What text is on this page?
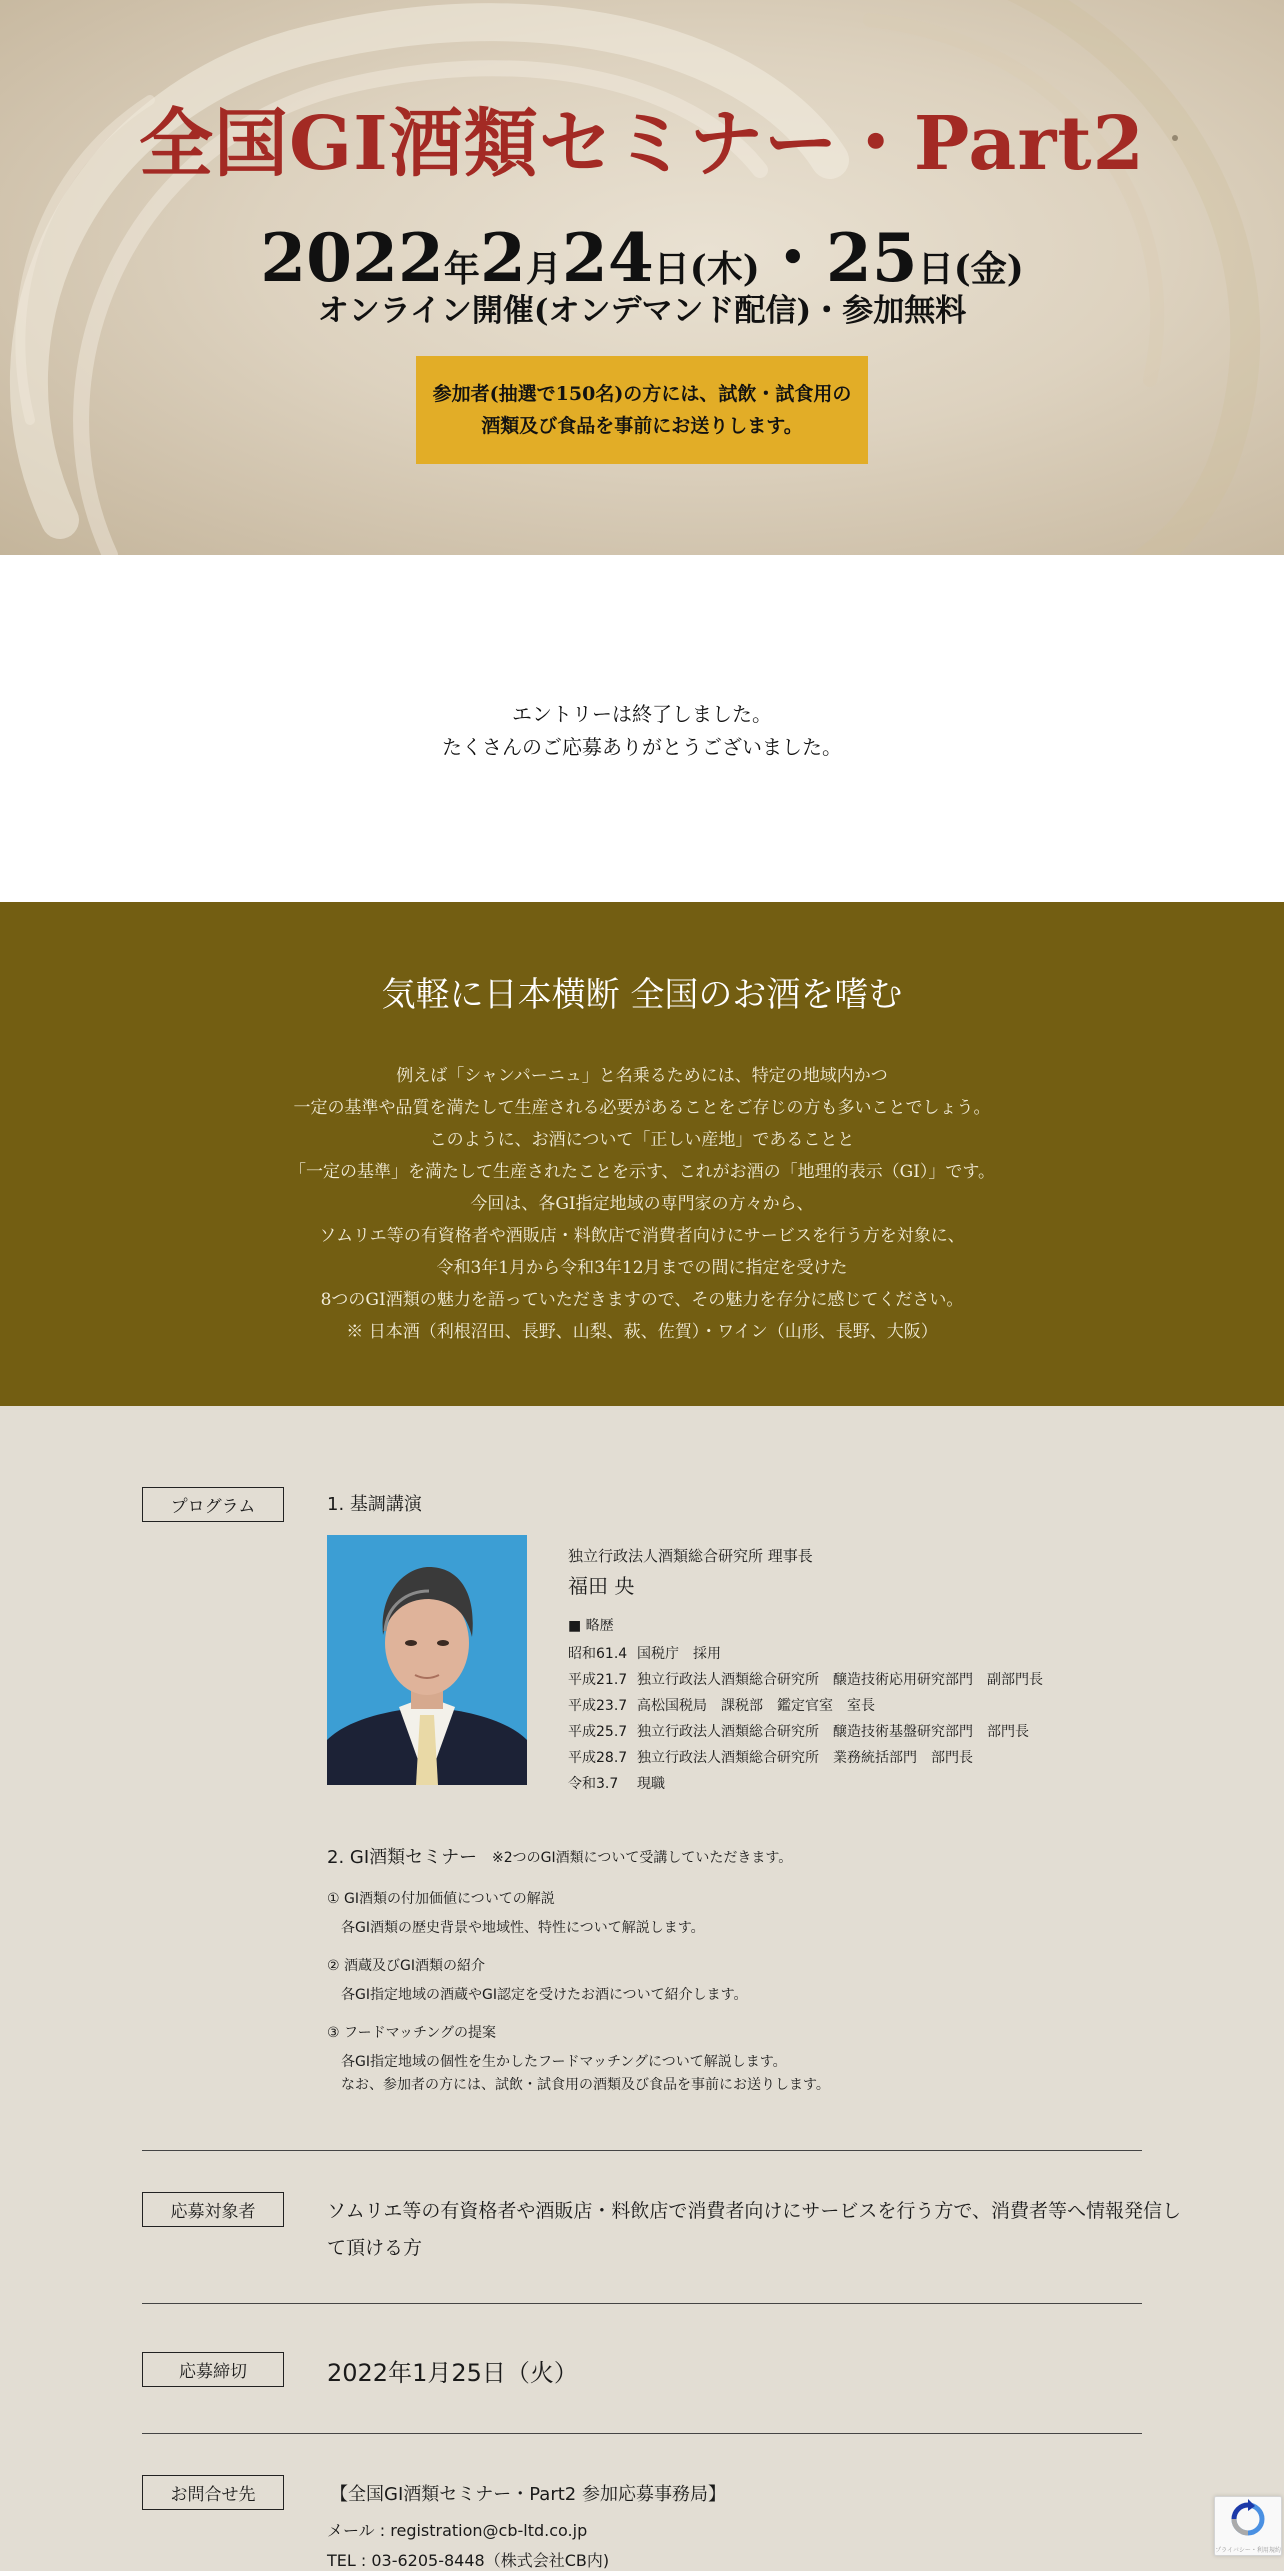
全国GI酒類セミナー・Part2
2022年2月24日(木)・25日(金)
オンライン開催(オンデマンド配信)・参加無料
参加者(抽選で150名)の方には、試飲・試食用の
酒類及び食品を事前にお送りします。

エントリーは終了しました。

たくさんのご応募ありがとうございました。

気軽に日本横断 全国のお酒を嗜む
例えば「シャンパーニュ」と名乗るためには、特定の地域内かつ
一定の基準や品質を満たして生産される必要があることをご存じの方も多いことでしょう。
このように、お酒について「正しい産地」であることと
「一定の基準」を満たして生産されたことを示す、これがお酒の「地理的表示（GI）」です。
今回は、各GI指定地域の専門家の方々から、
ソムリエ等の有資格者や酒販店・料飲店で消費者向けにサービスを行う方を対象に、
令和3年1月から令和3年12月までの間に指定を受けた
8つのGI酒類の魅力を語っていただきますので、その魅力を存分に感じてください。
※ 日本酒（利根沼田、長野、山梨、萩、佐賀）・ワイン（山形、長野、大阪）
プログラム	1. 基調講演
独立行政法人酒類総合研究所 理事長
福田 央
■ 略歴
昭和61.4 国税庁　採用
平成21.7 独立行政法人酒類総合研究所　醸造技術応用研究部門　副部門長
平成23.7 高松国税局　課税部　鑑定官室　室長
平成25.7 独立行政法人酒類総合研究所　醸造技術基盤研究部門　部門長
平成28.7 独立行政法人酒類総合研究所　業務統括部門　部門長
令和3.7 現職
2. GI酒類セミナー ※2つのGI酒類について受講していただきます。
① GI酒類の付加価値についての解説
各GI酒類の歴史背景や地域性、特性について解説します。
② 酒蔵及びGI酒類の紹介
各GI指定地域の酒蔵やGI認定を受けたお酒について紹介します。
③ フードマッチングの提案
各GI指定地域の個性を生かしたフードマッチングについて解説します。
なお、参加者の方には、試飲・試食用の酒類及び食品を事前にお送りします。
応募対象者	ソムリエ等の有資格者や酒販店・料飲店で消費者向けにサービスを行う方で、消費者等へ情報発信し
て頂ける方
応募締切	2022年1月25日（火）
お問合せ先	【全国GI酒類セミナー・Part2 参加応募事務局】
メール : registration@cb-ltd.co.jp
TEL : 03-6205-8448（株式会社CB内)
プライバシー・利用規約
